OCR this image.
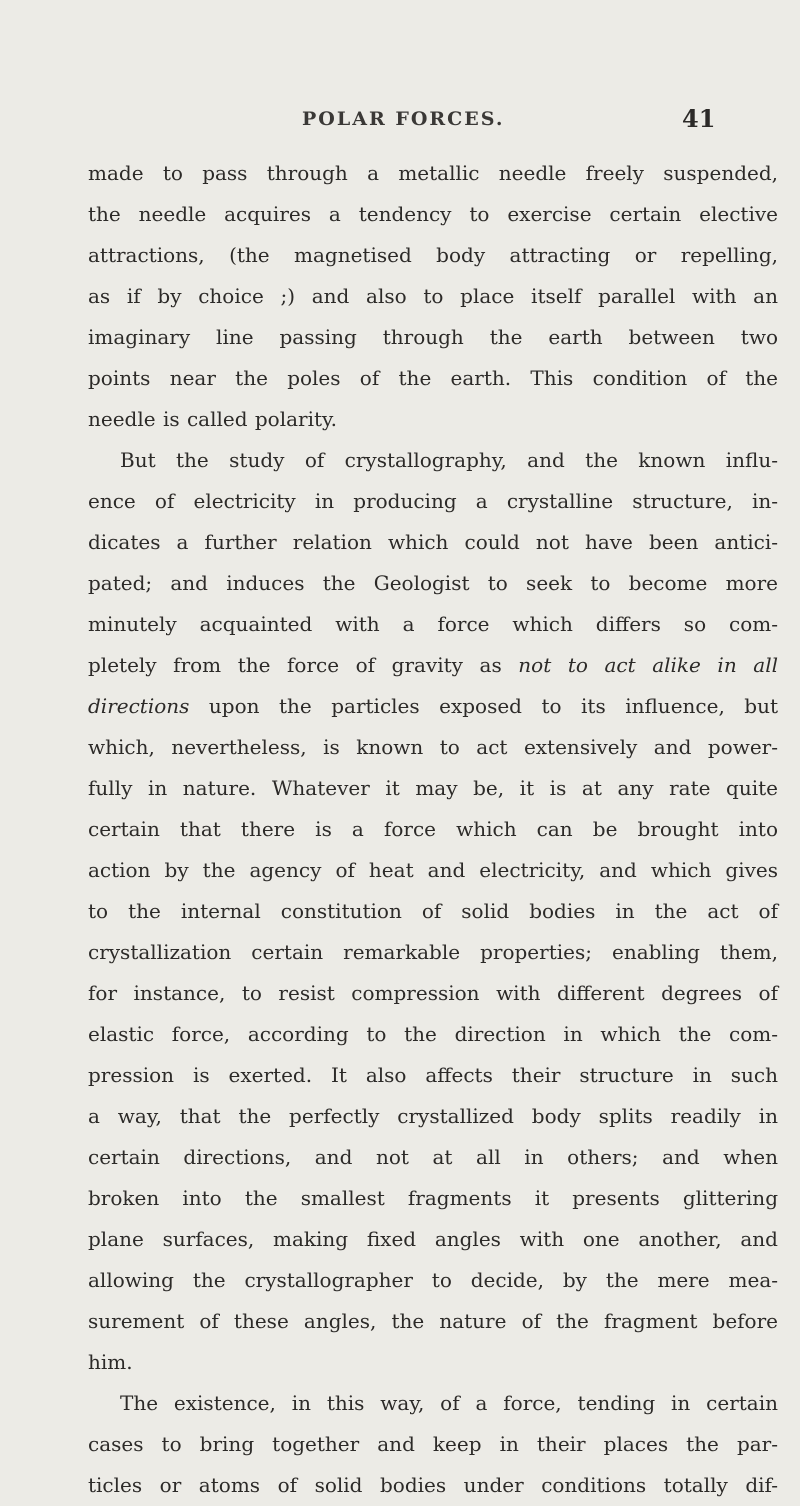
POLAR FORCES.	41
made to pass through a metallic needle freely suspended,
the needle acquires a tendency to exercise certain elective
attractions, (the magnetised body attracting or repelling,
as if by choice ;) and also to place itself parallel with an
imaginary line passing through the earth between two
points near the poles of the earth. This condition of the
needle is called polarity.
But the study of crystallography, and the known influ-
ence of electricity in producing a crystalline structure, in-
dicates a further relation which could not have been antici-
pated; and induces the Geologist to seek to become more
minutely acquainted with a force which differs so com-
pletely from the force of gravity as not to act alike in all
directions upon the particles exposed to its influence, but
which, nevertheless, is known to act extensively and power-
fully in nature. Whatever it may be, it is at any rate quite
certain that there is a force which can be brought into
action by the agency of heat and electricity, and which gives
to the internal constitution of solid bodies in the act of
crystallization certain remarkable properties; enabling them,
for instance, to resist compression with different degrees of
elastic force, according to the direction in which the com-
pression is exerted. It also affects their structure in such
a way, that the perfectly crystallized body splits readily in
certain directions, and not at all in others; and when
broken into the smallest fragments it presents glittering
plane surfaces, making fixed angles with one another, and
allowing the crystallographer to decide, by the mere mea-
surement of these angles, the nature of the fragment before
him.
The existence, in this way, of a force, tending in certain
cases to bring together and keep in their places the par-
ticles or atoms of solid bodies under conditions totally dif-
